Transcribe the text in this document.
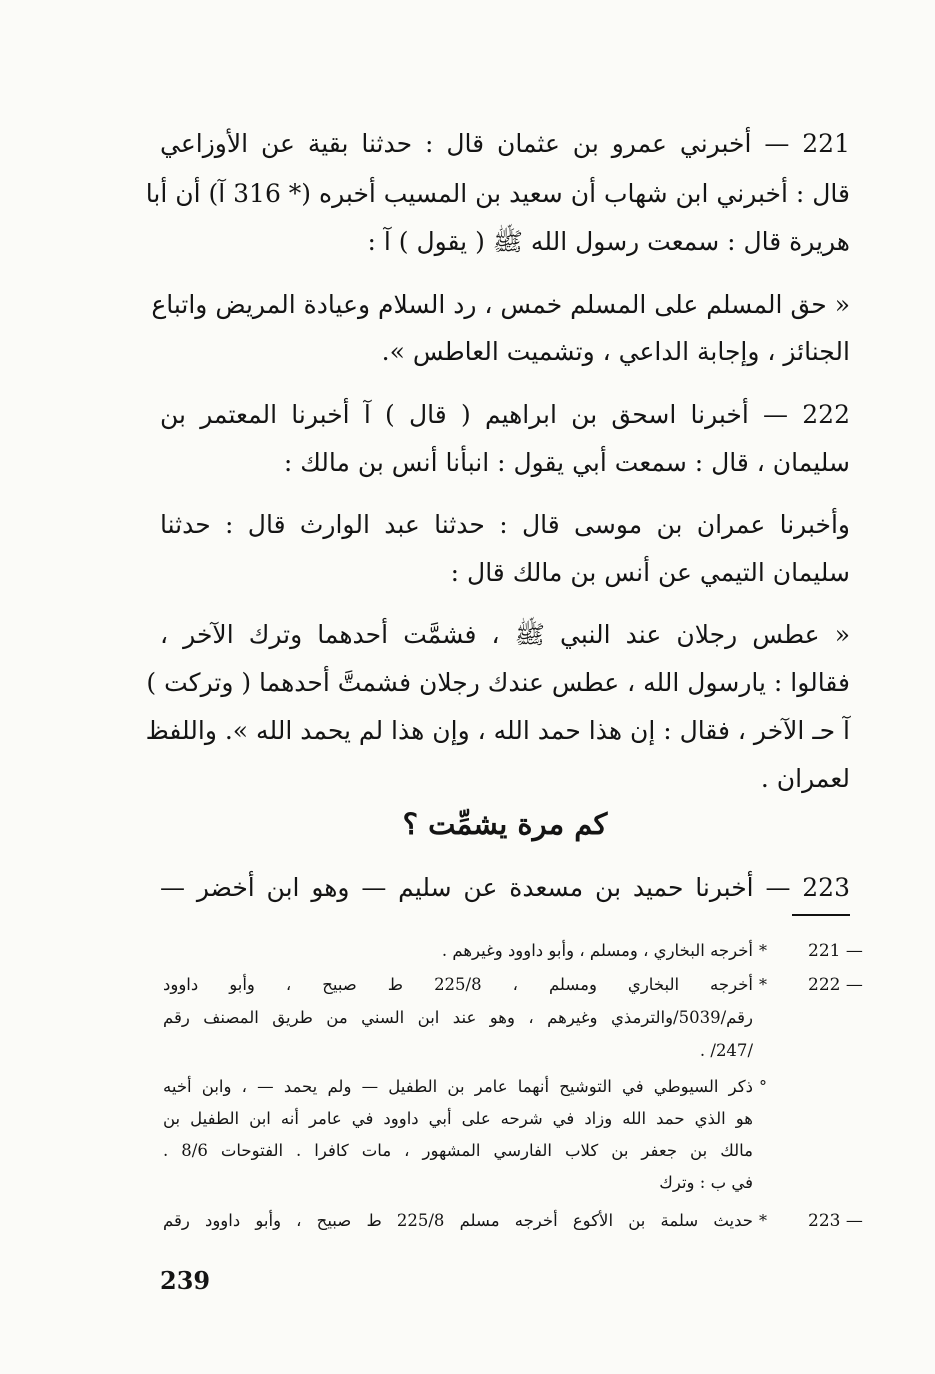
221 — أخبرني عمرو بن عثمان قال : حدثنا بقية عن الأوزاعي
قال : أخبرني ابن شهاب أن سعيد بن المسيب أخبره (* 316 آ) أن أبا
هريرة قال : سمعت رسول الله ﷺ ( يقول ) آ :
« حق المسلم على المسلم خمس ، رد السلام وعيادة المريض واتباع
الجنائز ، وإجابة الداعي ، وتشميت العاطس ».
222 — أخبرنا اسحق بن ابراهيم ( قال ) آ أخبرنا المعتمر بن
سليمان ، قال : سمعت أبي يقول : انبأنا أنس بن مالك :
وأخبرنا عمران بن موسى قال : حدثنا عبد الوارث قال : حدثنا
سليمان التيمي عن أنس بن مالك قال :
« عطس رجلان عند النبي ﷺ ، فشمَّت أحدهما وترك الآخر ،
فقالوا : يارسول الله ، عطس عندك رجلان فشمتَّ أحدهما ( وتركت )
آ حـ الآخر ، فقال : إن هذا حمد الله ، وإن هذا لم يحمد الله ». واللفظ
لعمران .
كم مرة يشمِّت ؟
223 — أخبرنا حميد بن مسعدة عن سليم — وهو ابن أخضر —
221 —
*
أخرجه البخاري ، ومسلم ، وأبو داوود وغيرهم .
222 —
*
أخرجه البخاري ومسلم ، 225/8 ط صبيح ، وأبو داوود
رقم/5039/والترمذي وغيرهم ، وهو عند ابن السني من طريق المصنف رقم
/247/ .
°
ذكر السيوطي في التوشيح أنهما عامر بن الطفيل — ولم يحمد — ، وابن أخيه
هو الذي حمد الله وزاد في شرحه على أبي داوود في عامر أنه ابن الطفيل بن
مالك بن جعفر بن كلاب الفارسي المشهور ، مات كافرا . الفتوحات 8/6 .
في ب : وترك
223 —
*
حديث سلمة بن الأكوع أخرجه مسلم 225/8 ط صبيح ، وأبو داوود رقم
239
